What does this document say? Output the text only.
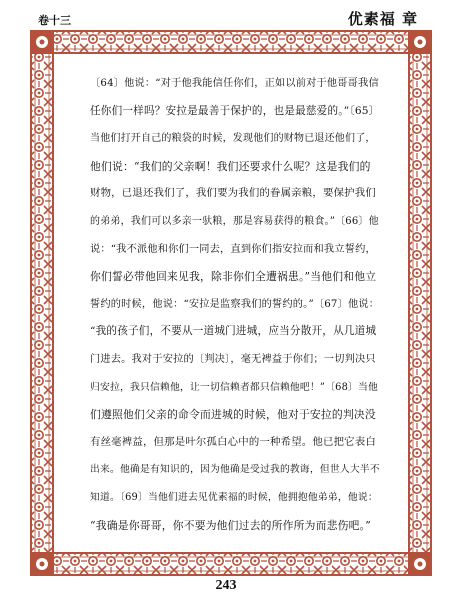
卷十三	优素福 章
〔64〕他说：“对于他我能信任你们，正如以前对于他哥哥我信
任你们一样吗？安拉是最善于保护的，也是最慈爱的。”〔65〕
当他们打开自己的粮袋的时候，发现他们的财物已退还他们了，
他们说：“我们的父亲啊！我们还要求什么呢？这是我们的
财物，已退还我们了，我们要为我们的眷属亲粮，要保护我们
的弟弟，我们可以多亲一驮粮，那是容易获得的粮食。”〔66〕他
说：“我不派他和你们一同去，直到你们指安拉而和我立誓约，
你们誓必带他回来见我，除非你们全遭祸患。”当他们和他立
誓约的时候，他说：“安拉是监察我们的誓约的。”〔67〕他说：
“我的孩子们，不要从一道城门进城，应当分散开，从几道城
门进去。我对于安拉的〔判决〕，毫无裨益于你们；一切判决只
归安拉，我只信赖他，让一切信赖者都只信赖他吧！”〔68〕当他
们遵照他们父亲的命令而进城的时候，他对于安拉的判决没
有丝毫裨益，但那是叶尔孤白心中的一种希望。他已把它表白
出来。他确是有知识的，因为他确是受过我的教诲，但世人大半不
知道。〔69〕当他们进去见优素福的时候，他拥抱他弟弟，他说：
“我确是你哥哥，你不要为他们过去的所作所为而悲伤吧。”
243
